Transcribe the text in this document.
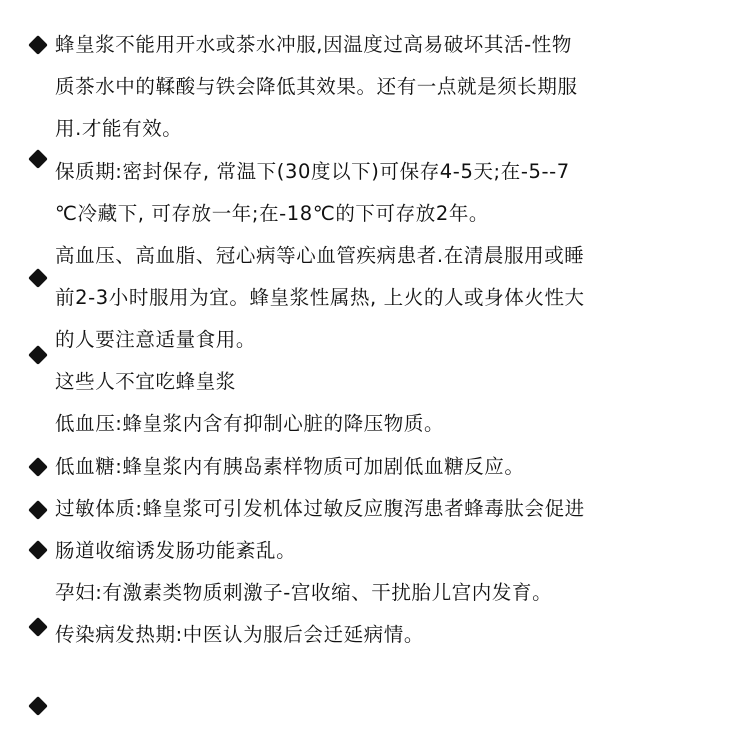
蜂皇浆不能用开水或茶水冲服,因温度过高易破坏其活-性物
质茶水中的鞣酸与铁会降低其效果。还有一点就是须长期服
用.才能有效。
保质期:密封保存, 常温下(30度以下)可保存4-5天;在-5--7
℃冷藏下, 可存放一年;在-18℃的下可存放2年。
高血压、高血脂、冠心病等心血管疾病患者.在清晨服用或睡
前2-3小时服用为宜。蜂皇浆性属热, 上火的人或身体火性大
的人要注意适量食用。
这些人不宜吃蜂皇浆
低血压:蜂皇浆内含有抑制心脏的降压物质。
低血糖:蜂皇浆内有胰岛素样物质可加剧低血糖反应。
过敏体质:蜂皇浆可引发机体过敏反应腹泻患者蜂毒肽会促进
肠道收缩诱发肠功能紊乱。
孕妇:有激素类物质刺激子-宫收缩、干扰胎儿宫内发育。
传染病发热期:中医认为服后会迁延病情。
